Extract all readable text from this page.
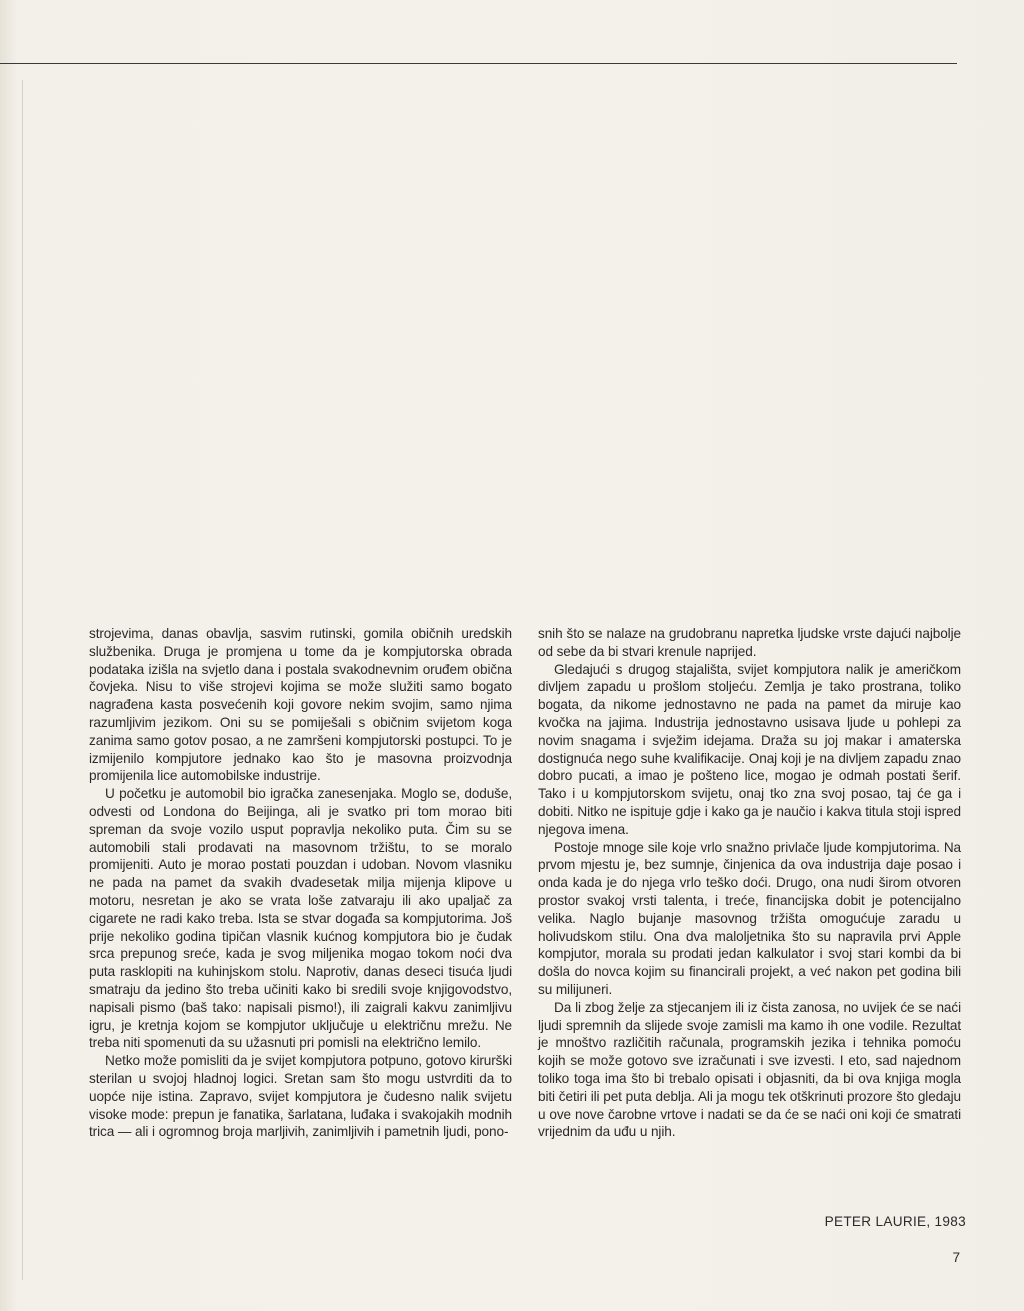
strojevima, danas obavlja, sasvim rutinski, gomila običnih uredskih službenika. Druga je promjena u tome da je kompjutorska obrada podataka izišla na svjetlo dana i postala svakodnevnim oruđem obična čovjeka. Nisu to više strojevi kojima se može služiti samo bogato nagrađena kasta posvećenih koji govore nekim svojim, samo njima razumljivim jezikom. Oni su se pomiješali s običnim svijetom koga zanima samo gotov posao, a ne zamršeni kompjutorski postupci. To je izmijenilo kompjutore jednako kao što je masovna proizvodnja promijenila lice automobilske industrije.

U početku je automobil bio igračka zanesenjaka. Moglo se, doduše, odvesti od Londona do Beijinga, ali je svatko pri tom morao biti spreman da svoje vozilo usput popravlja nekoliko puta. Čim su se automobili stali prodavati na masovnom tržištu, to se moralo promijeniti. Auto je morao postati pouzdan i udoban. Novom vlasniku ne pada na pamet da svakih dvadesetak milja mijenja klipove u motoru, nesretan je ako se vrata loše zatvaraju ili ako upaljač za cigarete ne radi kako treba. Ista se stvar događa sa kompjutorima. Još prije nekoliko godina tipičan vlasnik kućnog kompjutora bio je čudak srca prepunog sreće, kada je svog miljenika mogao tokom noći dva puta rasklopiti na kuhinjskom stolu. Naprotiv, danas deseci tisuća ljudi smatraju da jedino što treba učiniti kako bi sredili svoje knjigovodstvo, napisali pismo (baš tako: napisali pismo!), ili zaigrali kakvu zanimljivu igru, je kretnja kojom se kompjutor uključuje u električnu mrežu. Ne treba niti spomenuti da su užasnuti pri pomisli na električno lemilo.

Netko može pomisliti da je svijet kompjutora potpuno, gotovo kirurški sterilan u svojoj hladnoj logici. Sretan sam što mogu ustvrditi da to uopće nije istina. Zapravo, svijet kompjutora je čudesno nalik svijetu visoke mode: prepun je fanatika, šarlatana, luđaka i svakojakih modnih trica — ali i ogromnog broja marljivih, zanimljivih i pametnih ljudi, pono-

snih što se nalaze na grudobranu napretka ljudske vrste dajući najbolje od sebe da bi stvari krenule naprijed.

Gledajući s drugog stajališta, svijet kompjutora nalik je američkom divljem zapadu u prošlom stoljeću. Zemlja je tako prostrana, toliko bogata, da nikome jednostavno ne pada na pamet da miruje kao kvočka na jajima. Industrija jednostavno usisava ljude u pohlepi za novim snagama i svježim idejama. Draža su joj makar i amaterska dostignuća nego suhe kvalifikacije. Onaj koji je na divljem zapadu znao dobro pucati, a imao je pošteno lice, mogao je odmah postati šerif. Tako i u kompjutorskom svijetu, onaj tko zna svoj posao, taj će ga i dobiti. Nitko ne ispituje gdje i kako ga je naučio i kakva titula stoji ispred njegova imena.

Postoje mnoge sile koje vrlo snažno privlače ljude kompjutorima. Na prvom mjestu je, bez sumnje, činjenica da ova industrija daje posao i onda kada je do njega vrlo teško doći. Drugo, ona nudi širom otvoren prostor svakoj vrsti talenta, i treće, financijska dobit je potencijalno velika. Naglo bujanje masovnog tržišta omogućuje zaradu u holivudskom stilu. Ona dva maloljetnika što su napravila prvi Apple kompjutor, morala su prodati jedan kalkulator i svoj stari kombi da bi došla do novca kojim su financirali projekt, a već nakon pet godina bili su milijuneri.

Da li zbog želje za stjecanjem ili iz čista zanosa, no uvijek će se naći ljudi spremnih da slijede svoje zamisli ma kamo ih one vodile. Rezultat je mnoštvo različitih računala, programskih jezika i tehnika pomoću kojih se može gotovo sve izračunati i sve izvesti. I eto, sad najednom toliko toga ima što bi trebalo opisati i objasniti, da bi ova knjiga mogla biti četiri ili pet puta deblja. Ali ja mogu tek otškrinuti prozore što gledaju u ove nove čarobne vrtove i nadati se da će se naći oni koji će smatrati vrijednim da uđu u njih.

PETER LAURIE, 1983
7
